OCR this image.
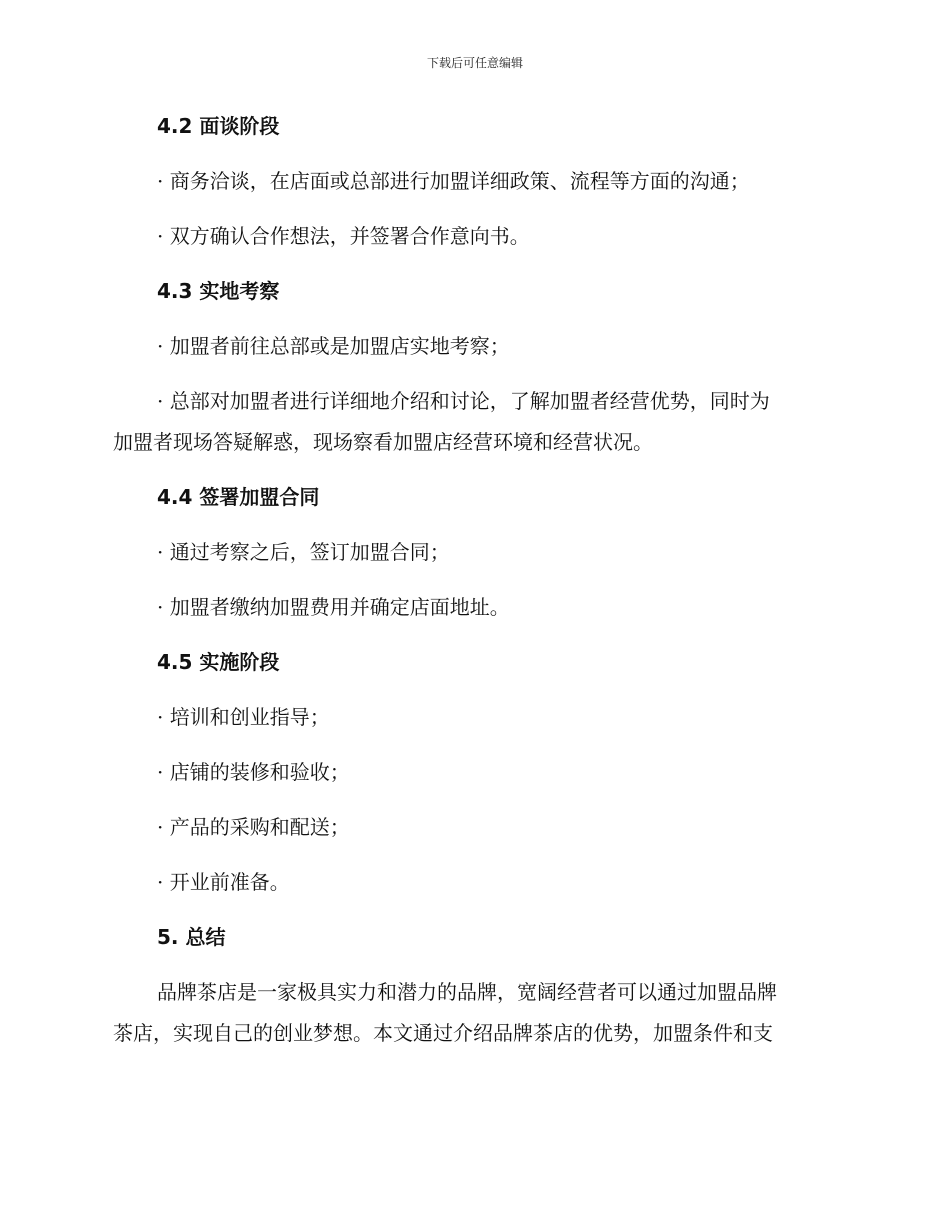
下载后可任意编辑
4.2 面谈阶段
· 商务洽谈，在店面或总部进行加盟详细政策、流程等方面的沟通；
· 双方确认合作想法，并签署合作意向书。
4.3 实地考察
· 加盟者前往总部或是加盟店实地考察；
· 总部对加盟者进行详细地介绍和讨论，了解加盟者经营优势，同时为
加盟者现场答疑解惑，现场察看加盟店经营环境和经营状况。
4.4 签署加盟合同
· 通过考察之后，签订加盟合同；
· 加盟者缴纳加盟费用并确定店面地址。
4.5 实施阶段
· 培训和创业指导；
· 店铺的装修和验收；
· 产品的采购和配送；
· 开业前准备。
5. 总结
品牌茶店是一家极具实力和潜力的品牌，宽阔经营者可以通过加盟品牌
茶店，实现自己的创业梦想。本文通过介绍品牌茶店的优势，加盟条件和支
